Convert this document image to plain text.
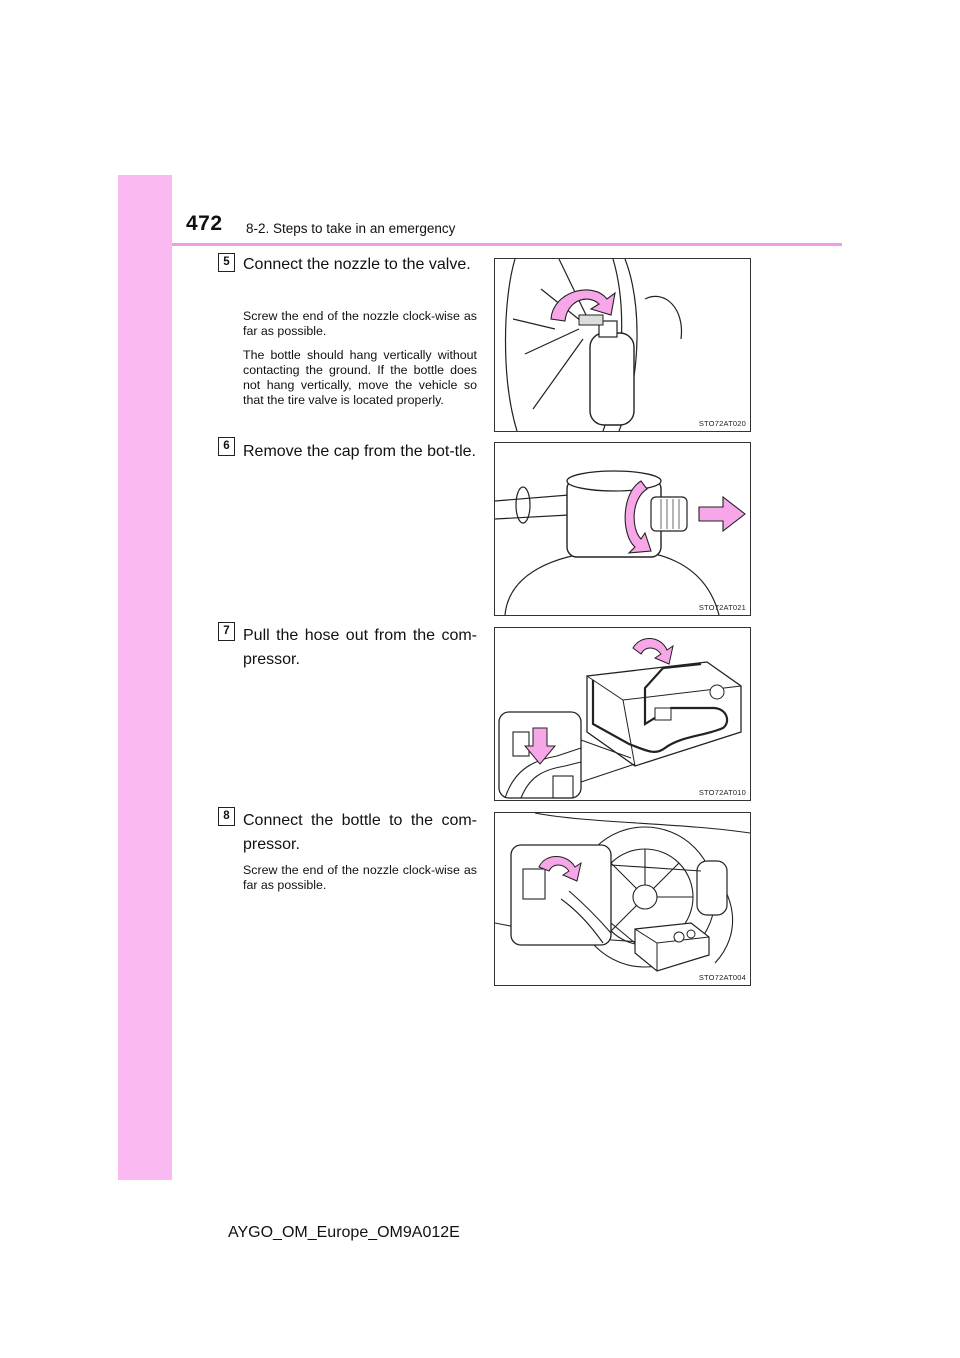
472 8-2. Steps to take in an emergency
5 Connect the nozzle to the valve.

Screw the end of the nozzle clock-wise as far as possible.

The bottle should hang vertically without contacting the ground. If the bottle does not hang vertically, move the vehicle so that the tire valve is located properly.

STO72AT020
6 Remove the cap from the bot-tle.
STO72AT021
7 Pull the hose out from the com-pressor.
STO72AT010
8 Connect the bottle to the com-pressor.

Screw the end of the nozzle clock-wise as far as possible.

STO72AT004
AYGO_OM_Europe_OM9A012E
